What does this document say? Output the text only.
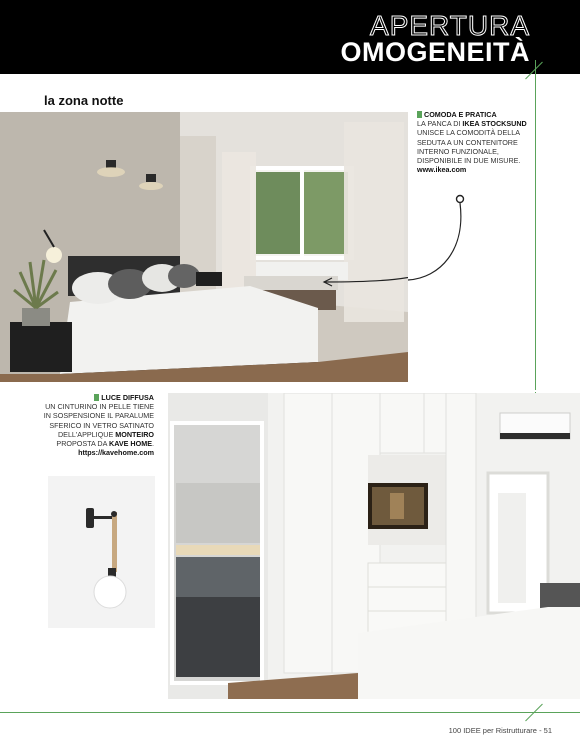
APERTURA
OMOGENEITÀ
la zona notte
COMODA E PRATICA
LA PANCA DI IKEA STOCKSUND UNISCE LA COMODITÀ DELLA SEDUTA A UN CONTENITORE INTERNO FUNZIONALE, DISPONIBILE IN DUE MISURE.
www.ikea.com
LUCE DIFFUSA
UN CINTURINO IN PELLE TIENE IN SOSPENSIONE IL PARALUME SFERICO IN VETRO SATINATO DELL'APPLIQUE MONTEIRO PROPOSTA DA KAVE HOME.
https://kavehome.com
100 IDEE per Ristrutturare - 51
